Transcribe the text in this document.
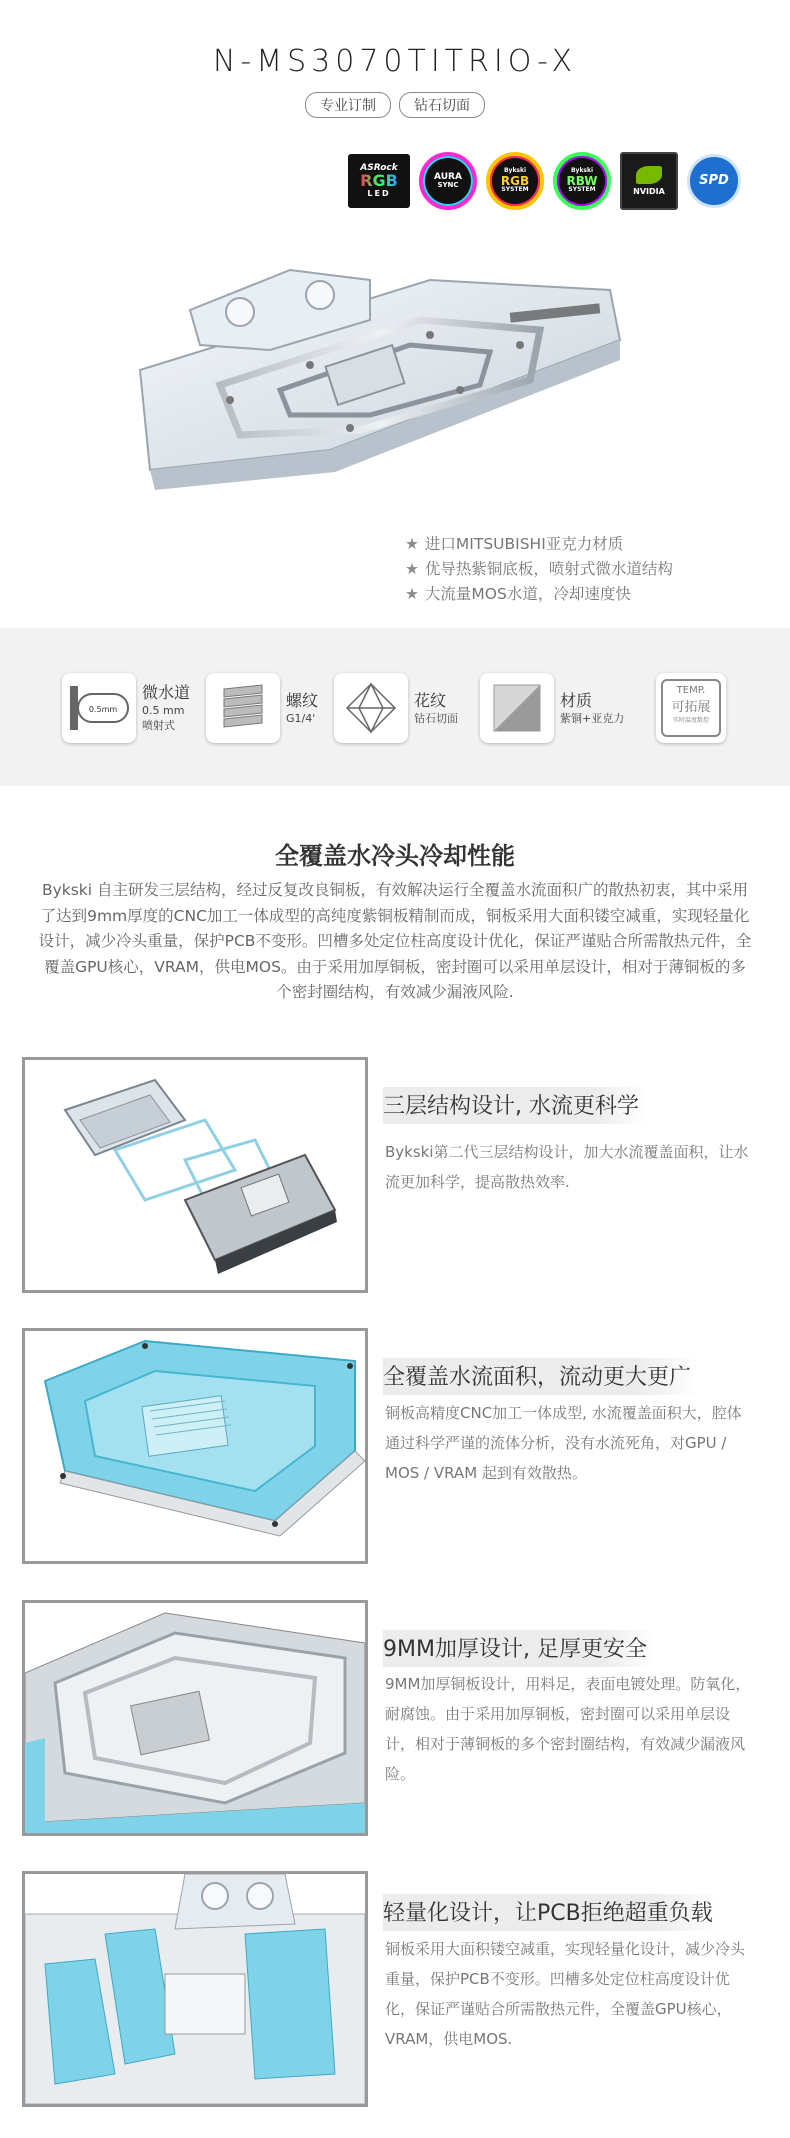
N-MS3070TITRIO-X
专业订制	钻石切面
ASRock
RGB
LED
AURA
SYNC
Bykski
RGB
SYSTEM
Bykski
RBW
SYSTEM	NVIDIA
SPD
★ 进口MITSUBISHI亚克力材质
★ 优导热紫铜底板，喷射式微水道结构
★ 大流量MOS水道，冷却速度快
0.5mm
微水道
0.5 mm
喷射式
螺纹
G1/4'
花纹
钻石切面
材质
紫铜+亚克力
TEMP.
可拓展
实时温度数控
全覆盖水冷头冷却性能

Bykski 自主研发三层结构，经过反复改良铜板，有效解决运行全覆盖水流面积广的散热初衷，其中采用了达到9mm厚度的CNC加工一体成型的高纯度紫铜板精制而成，铜板采用大面积镂空减重，实现轻量化设计，减少冷头重量，保护PCB不变形。凹槽多处定位柱高度设计优化，保证严谨贴合所需散热元件，全覆盖GPU核心，VRAM，供电MOS。由于采用加厚铜板，密封圈可以采用单层设计，相对于薄铜板的多个密封圈结构，有效减少漏液风险.

三层结构设计, 水流更科学

Bykski第二代三层结构设计，加大水流覆盖面积，让水流更加科学，提高散热效率.

全覆盖水流面积，流动更大更广

铜板高精度CNC加工一体成型, 水流覆盖面积大，腔体通过科学严谨的流体分析，没有水流死角，对GPU / MOS / VRAM 起到有效散热。

9MM加厚设计, 足厚更安全

9MM加厚铜板设计，用料足，表面电镀处理。防氧化，耐腐蚀。由于采用加厚铜板，密封圈可以采用单层设计，相对于薄铜板的多个密封圈结构，有效减少漏液风险。

轻量化设计，让PCB拒绝超重负载

铜板采用大面积镂空减重，实现轻量化设计，减少冷头重量，保护PCB不变形。凹槽多处定位柱高度设计优化，保证严谨贴合所需散热元件，全覆盖GPU核心，VRAM，供电MOS.
